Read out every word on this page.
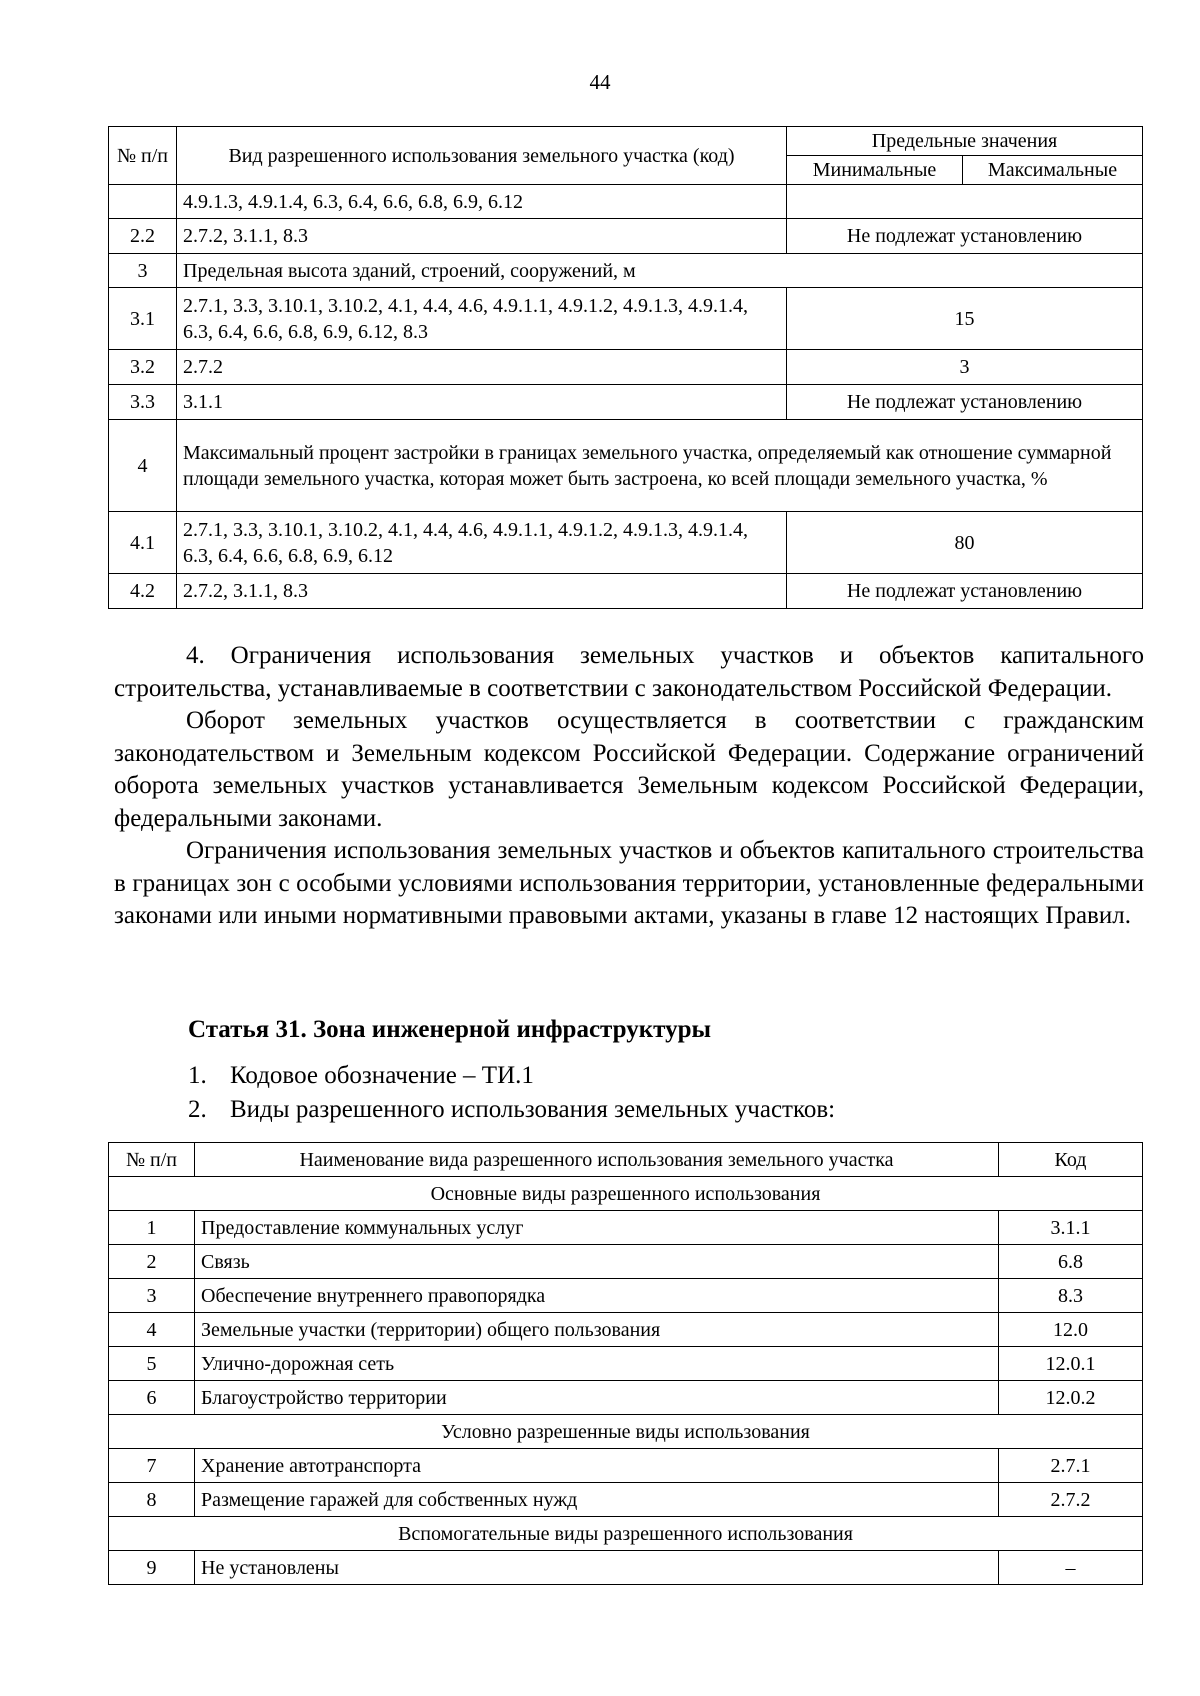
44
№ п/п	Вид разрешенного использования земельного участка (код)	Предельные значения	
		Минимальные	Максимальные
	4.9.1.3, 4.9.1.4, 6.3, 6.4, 6.6, 6.8, 6.9, 6.12		
2.2	2.7.2, 3.1.1, 8.3	Не подлежат установлению	
3	Предельная высота зданий, строений, сооружений, м		
3.1	2.7.1, 3.3, 3.10.1, 3.10.2, 4.1, 4.4, 4.6, 4.9.1.1, 4.9.1.2, 4.9.1.3, 4.9.1.4, 6.3, 6.4, 6.6, 6.8, 6.9, 6.12, 8.3	15	
3.2	2.7.2	3	
3.3	3.1.1	Не подлежат установлению	
4	Максимальный процент застройки в границах земельного участка, определяемый как отношение суммарной площади земельного участка, которая может быть застроена, ко всей площади земельного участка, %		
4.1	2.7.1, 3.3, 3.10.1, 3.10.2, 4.1, 4.4, 4.6, 4.9.1.1, 4.9.1.2, 4.9.1.3, 4.9.1.4, 6.3, 6.4, 6.6, 6.8, 6.9, 6.12	80	
4.2	2.7.2, 3.1.1, 8.3	Не подлежат установлению	

4. Ограничения использования земельных участков и объектов капитального строительства, устанавливаемые в соответствии с законодательством Российской Федерации.

Оборот земельных участков осуществляется в соответствии с гражданским законодательством и Земельным кодексом Российской Федерации. Содержание ограничений оборота земельных участков устанавливается Земельным кодексом Российской Федерации, федеральными законами.

Ограничения использования земельных участков и объектов капитального строительства в границах зон с особыми условиями использования территории, установленные федеральными законами или иными нормативными правовыми актами, указаны в главе 12 настоящих Правил.

Статья 31. Зона инженерной инфраструктуры
1. Кодовое обозначение – ТИ.1
2. Виды разрешенного использования земельных участков:
№ п/п	Наименование вида разрешенного использования земельного участка	Код
Основные виды разрешенного использования		
1	Предоставление коммунальных услуг	3.1.1
2	Связь	6.8
3	Обеспечение внутреннего правопорядка	8.3
4	Земельные участки (территории) общего пользования	12.0
5	Улично-дорожная сеть	12.0.1
6	Благоустройство территории	12.0.2
Условно разрешенные виды использования		
7	Хранение автотранспорта	2.7.1
8	Размещение гаражей для собственных нужд	2.7.2
Вспомогательные виды разрешенного использования		
9	Не установлены	–
